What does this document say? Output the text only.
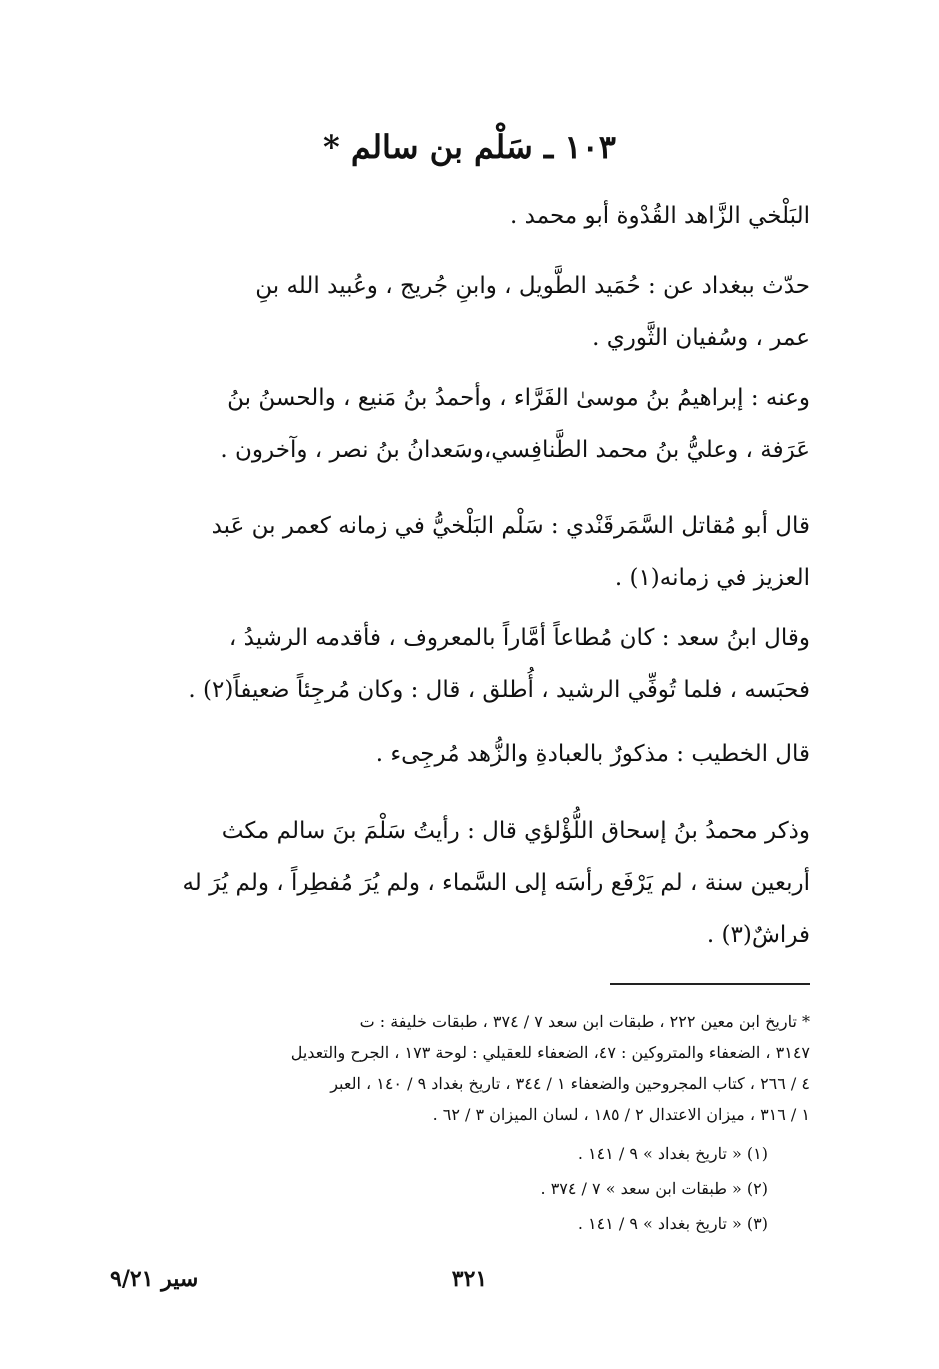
١٠٣ ـ سَلْم بن سالم *
البَلْخي الزَّاهد القُدْوة أبو محمد .
حدّث ببغداد عن : حُمَيد الطَّويل ، وابنِ جُريج ، وعُبيد الله بنِ
عمر ، وسُفيان الثَّوري .
وعنه : إبراهيمُ بنُ موسىٰ الفَرَّاء ، وأحمدُ بنُ مَنيع ، والحسنُ بنُ
عَرَفة ، وعليُّ بنُ محمد الطَّنافِسي،وسَعدانُ بنُ نصر ، وآخرون .
قال أبو مُقاتل السَّمَرقَنْدي : سَلْم البَلْخيُّ في زمانه كعمر بن عَبد
العزيز في زمانه(١) .
وقال ابنُ سعد : كان مُطاعاً أمَّاراً بالمعروف ، فأقدمه الرشيدُ ،
فحبَسه ، فلما تُوفِّي الرشيد ، أُطلق ، قال : وكان مُرجِئاً ضعيفاً(٢) .
قال الخطيب : مذكورٌ بالعبادةِ والزُّهد مُرجِىء .
وذكر محمدُ بنُ إسحاق اللُّؤْلؤي قال : رأيتُ سَلْمَ بنَ سالم مكث
أربعين سنة ، لم يَرْفَع رأسَه إلى السَّماء ، ولم يُرَ مُفطِراً ، ولم يُرَ له
فراشٌ(٣) .
* تاريخ ابن معين ٢٢٢ ، طبقات ابن سعد ٧ / ٣٧٤ ، طبقات خليفة : ت
٣١٤٧ ، الضعفاء والمتروكين : ٤٧، الضعفاء للعقيلي : لوحة ١٧٣ ، الجرح والتعديل
٤ / ٢٦٦ ، كتاب المجروحين والضعفاء ١ / ٣٤٤ ، تاريخ بغداد ٩ / ١٤٠ ، العبر
١ / ٣١٦ ، ميزان الاعتدال ٢ / ١٨٥ ، لسان الميزان ٣ / ٦٢ .
(١) « تاريخ بغداد » ٩ / ١٤١ .
(٢) « طبقات ابن سعد » ٧ / ٣٧٤ .
(٣) « تاريخ بغداد » ٩ / ١٤١ .
٣٢١
سير ٩/٢١
